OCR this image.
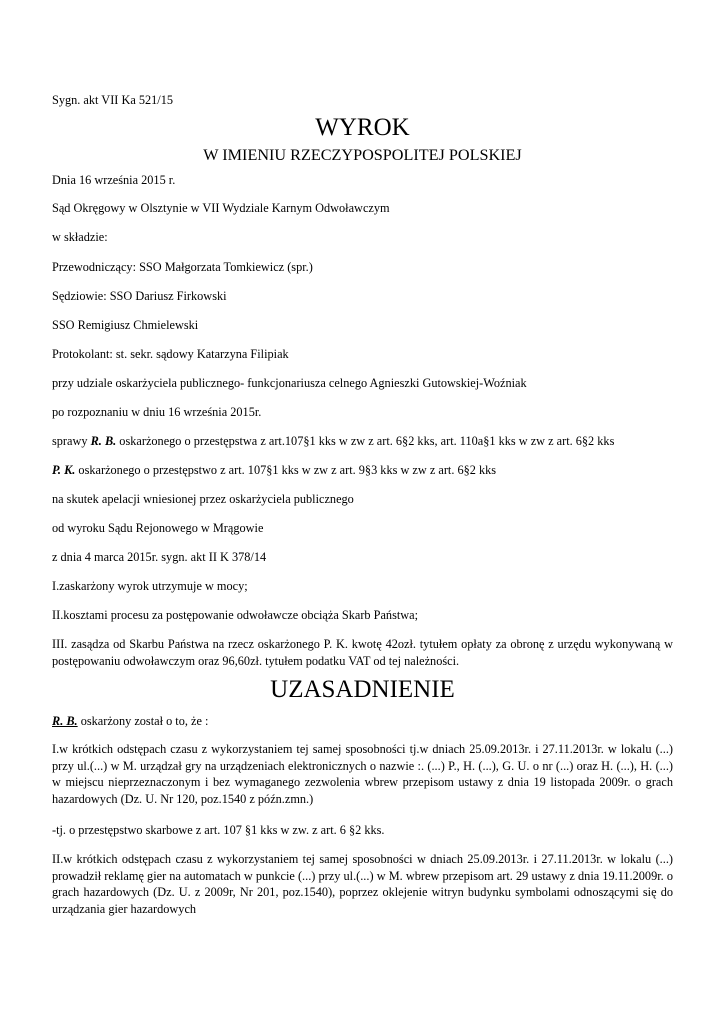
Sygn. akt VII Ka 521/15

WYROK
W IMIENIU RZECZYPOSPOLITEJ POLSKIEJ

Dnia 16 września 2015 r.

Sąd Okręgowy w Olsztynie w VII Wydziale Karnym Odwoławczym

w składzie:

Przewodniczący: SSO Małgorzata Tomkiewicz (spr.)

Sędziowie: SSO Dariusz Firkowski

SSO Remigiusz Chmielewski

Protokolant: st. sekr. sądowy Katarzyna Filipiak

przy udziale oskarżyciela publicznego- funkcjonariusza celnego Agnieszki Gutowskiej-Woźniak

po rozpoznaniu w dniu 16 września 2015r.

sprawy R. B. oskarżonego o przestępstwa z art.107§1 kks w zw z art. 6§2 kks, art. 110a§1 kks w zw z art. 6§2 kks

P. K. oskarżonego o przestępstwo z art. 107§1 kks w zw z art. 9§3 kks w zw z art. 6§2 kks

na skutek apelacji wniesionej przez oskarżyciela publicznego

od wyroku Sądu Rejonowego w Mrągowie

z dnia 4 marca 2015r. sygn. akt II K 378/14

I.zaskarżony wyrok utrzymuje w mocy;

II.kosztami procesu za postępowanie odwoławcze obciąża Skarb Państwa;

III. zasądza od Skarbu Państwa na rzecz oskarżonego P. K. kwotę 42ozł. tytułem opłaty za obronę z urzędu wykonywaną w postępowaniu odwoławczym oraz 96,60zł. tytułem podatku VAT od tej należności.

UZASADNIENIE

R. B. oskarżony został o to, że :

I.w krótkich odstępach czasu z wykorzystaniem tej samej sposobności tj.w dniach 25.09.2013r. i 27.11.2013r. w lokalu (...) przy ul.(...) w M. urządzał gry na urządzeniach elektronicznych o nazwie :. (...) P., H. (...), G. U. o nr (...) oraz H. (...), H. (...) w miejscu nieprzeznaczonym i bez wymaganego zezwolenia wbrew przepisom ustawy z dnia 19 listopada 2009r. o grach hazardowych (Dz. U. Nr 120, poz.1540 z późn.zmn.)

-tj. o przestępstwo skarbowe z art. 107 §1 kks w zw. z art. 6 §2 kks.

II.w krótkich odstępach czasu z wykorzystaniem tej samej sposobności w dniach 25.09.2013r. i 27.11.2013r. w lokalu (...) prowadził reklamę gier na automatach w punkcie (...) przy ul.(...) w M. wbrew przepisom art. 29 ustawy z dnia 19.11.2009r. o grach hazardowych (Dz. U. z 2009r, Nr 201, poz.1540), poprzez oklejenie witryn budynku symbolami odnoszącymi się do urządzania gier hazardowych
